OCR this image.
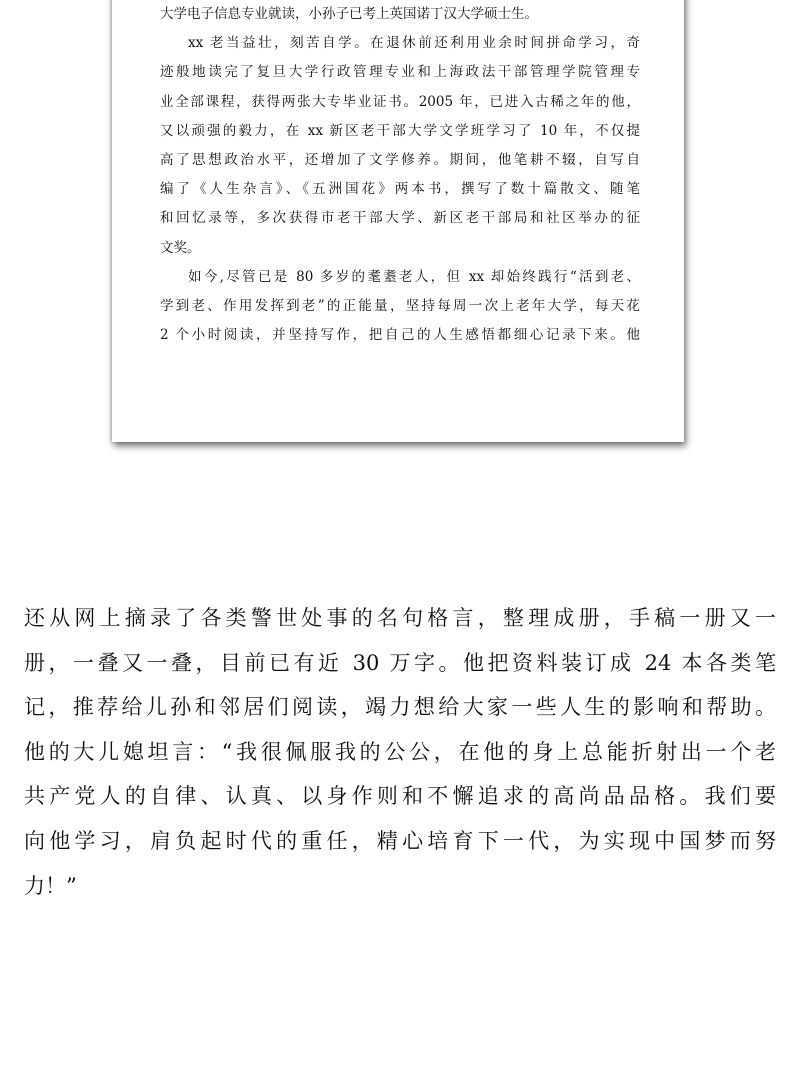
大学电子信息专业就读，小孙子已考上英国诺丁汉大学硕士生。
xx 老当益壮，刻苦自学。在退休前还利用业余时间拼命学习，奇
迹般地读完了复旦大学行政管理专业和上海政法干部管理学院管理专
业全部课程，获得两张大专毕业证书。2005 年，已进入古稀之年的他，
又以顽强的毅力，在 xx 新区老干部大学文学班学习了 10 年，不仅提
高了思想政治水平，还增加了文学修养。期间，他笔耕不辍，自写自
编了《人生杂言》、《五洲国花》两本书，撰写了数十篇散文、随笔
和回忆录等，多次获得市老干部大学、新区老干部局和社区举办的征
文奖。
如今,尽管已是 80 多岁的耄耋老人，但 xx 却始终践行“活到老、
学到老、作用发挥到老”的正能量，坚持每周一次上老年大学，每天花
2 个小时阅读，并坚持写作，把自己的人生感悟都细心记录下来。他
还从网上摘录了各类警世处事的名句格言，整理成册，手稿一册又一
册，一叠又一叠，目前已有近 30 万字。他把资料装订成 24 本各类笔
记，推荐给儿孙和邻居们阅读，竭力想给大家一些人生的影响和帮助。
他的大儿媳坦言：“我很佩服我的公公，在他的身上总能折射出一个老
共产党人的自律、认真、以身作则和不懈追求的高尚品品格。我们要
向他学习，肩负起时代的重任，精心培育下一代，为实现中国梦而努
力！”
